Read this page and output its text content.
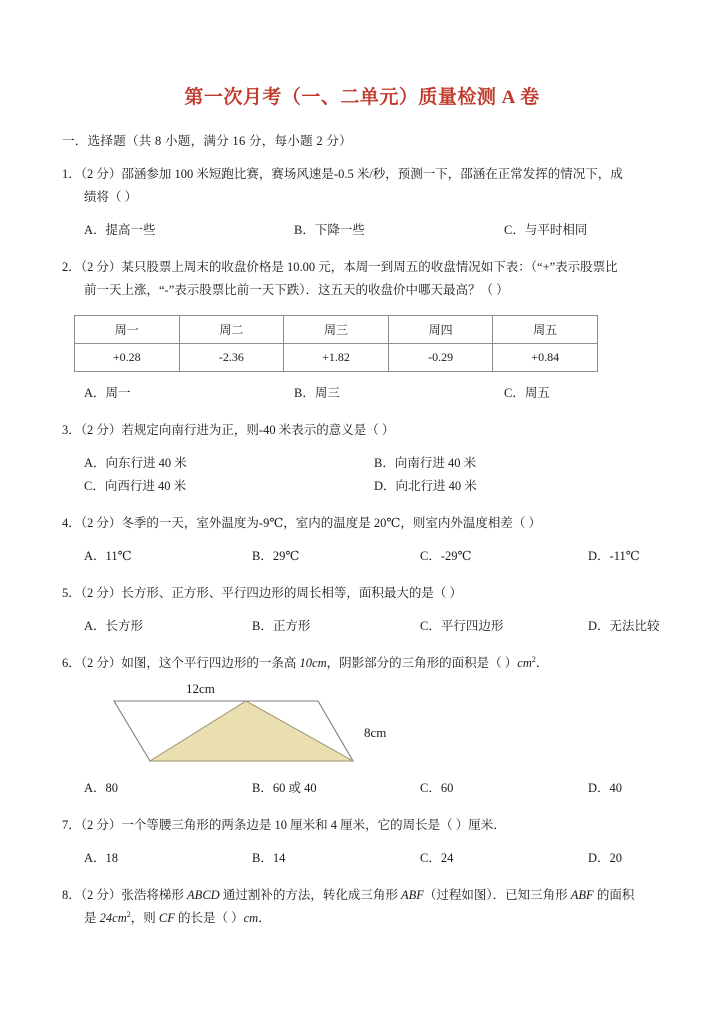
第一次月考（一、二单元）质量检测 A 卷
一．选择题（共 8 小题，满分 16 分，每小题 2 分）
1．（2 分）邵涵参加 100 米短跑比赛，赛场风速是‑0.5 米/秒，预测一下，邵涵在正常发挥的情况下，成
绩将（ ）
A．提高一些	B．下降一些	C．与平时相同
2．（2 分）某只股票上周末的收盘价格是 10.00 元，本周一到周五的收盘情况如下表：（“+”表示股票比
前一天上涨，“‑”表示股票比前一天下跌）．这五天的收盘价中哪天最高？（ ）
周一	周二	周三	周四	周五
+0.28	‑2.36	+1.82	‑0.29	+0.84
A．周一	B．周三	C．周五
3．（2 分）若规定向南行进为正，则‑40 米表示的意义是（ ）
A．向东行进 40 米	B．向南行进 40 米
C．向西行进 40 米	D．向北行进 40 米
4．（2 分）冬季的一天，室外温度为‑9℃，室内的温度是 20℃，则室内外温度相差（ ）
A．11℃	B．29℃	C．‑29℃	D．‑11℃
5．（2 分）长方形、正方形、平行四边形的周长相等，面积最大的是（ ）
A．长方形	B．正方形	C．平行四边形	D．无法比较
6．（2 分）如图，这个平行四边形的一条高 10cm，阴影部分的三角形的面积是（ ）$cm^2$．
12cm
8cm
A．80	B．60 或 40	C．60	D．40
7．（2 分）一个等腰三角形的两条边是 10 厘米和 4 厘米，它的周长是（ ）厘米．
A．18	B．14	C．24	D．20
8．（2 分）张浩将梯形 ABCD 通过割补的方法，转化成三角形 ABF（过程如图）．已知三角形 ABF 的面积
是 $24cm^2$，则 CF 的长是（ ）cm．
